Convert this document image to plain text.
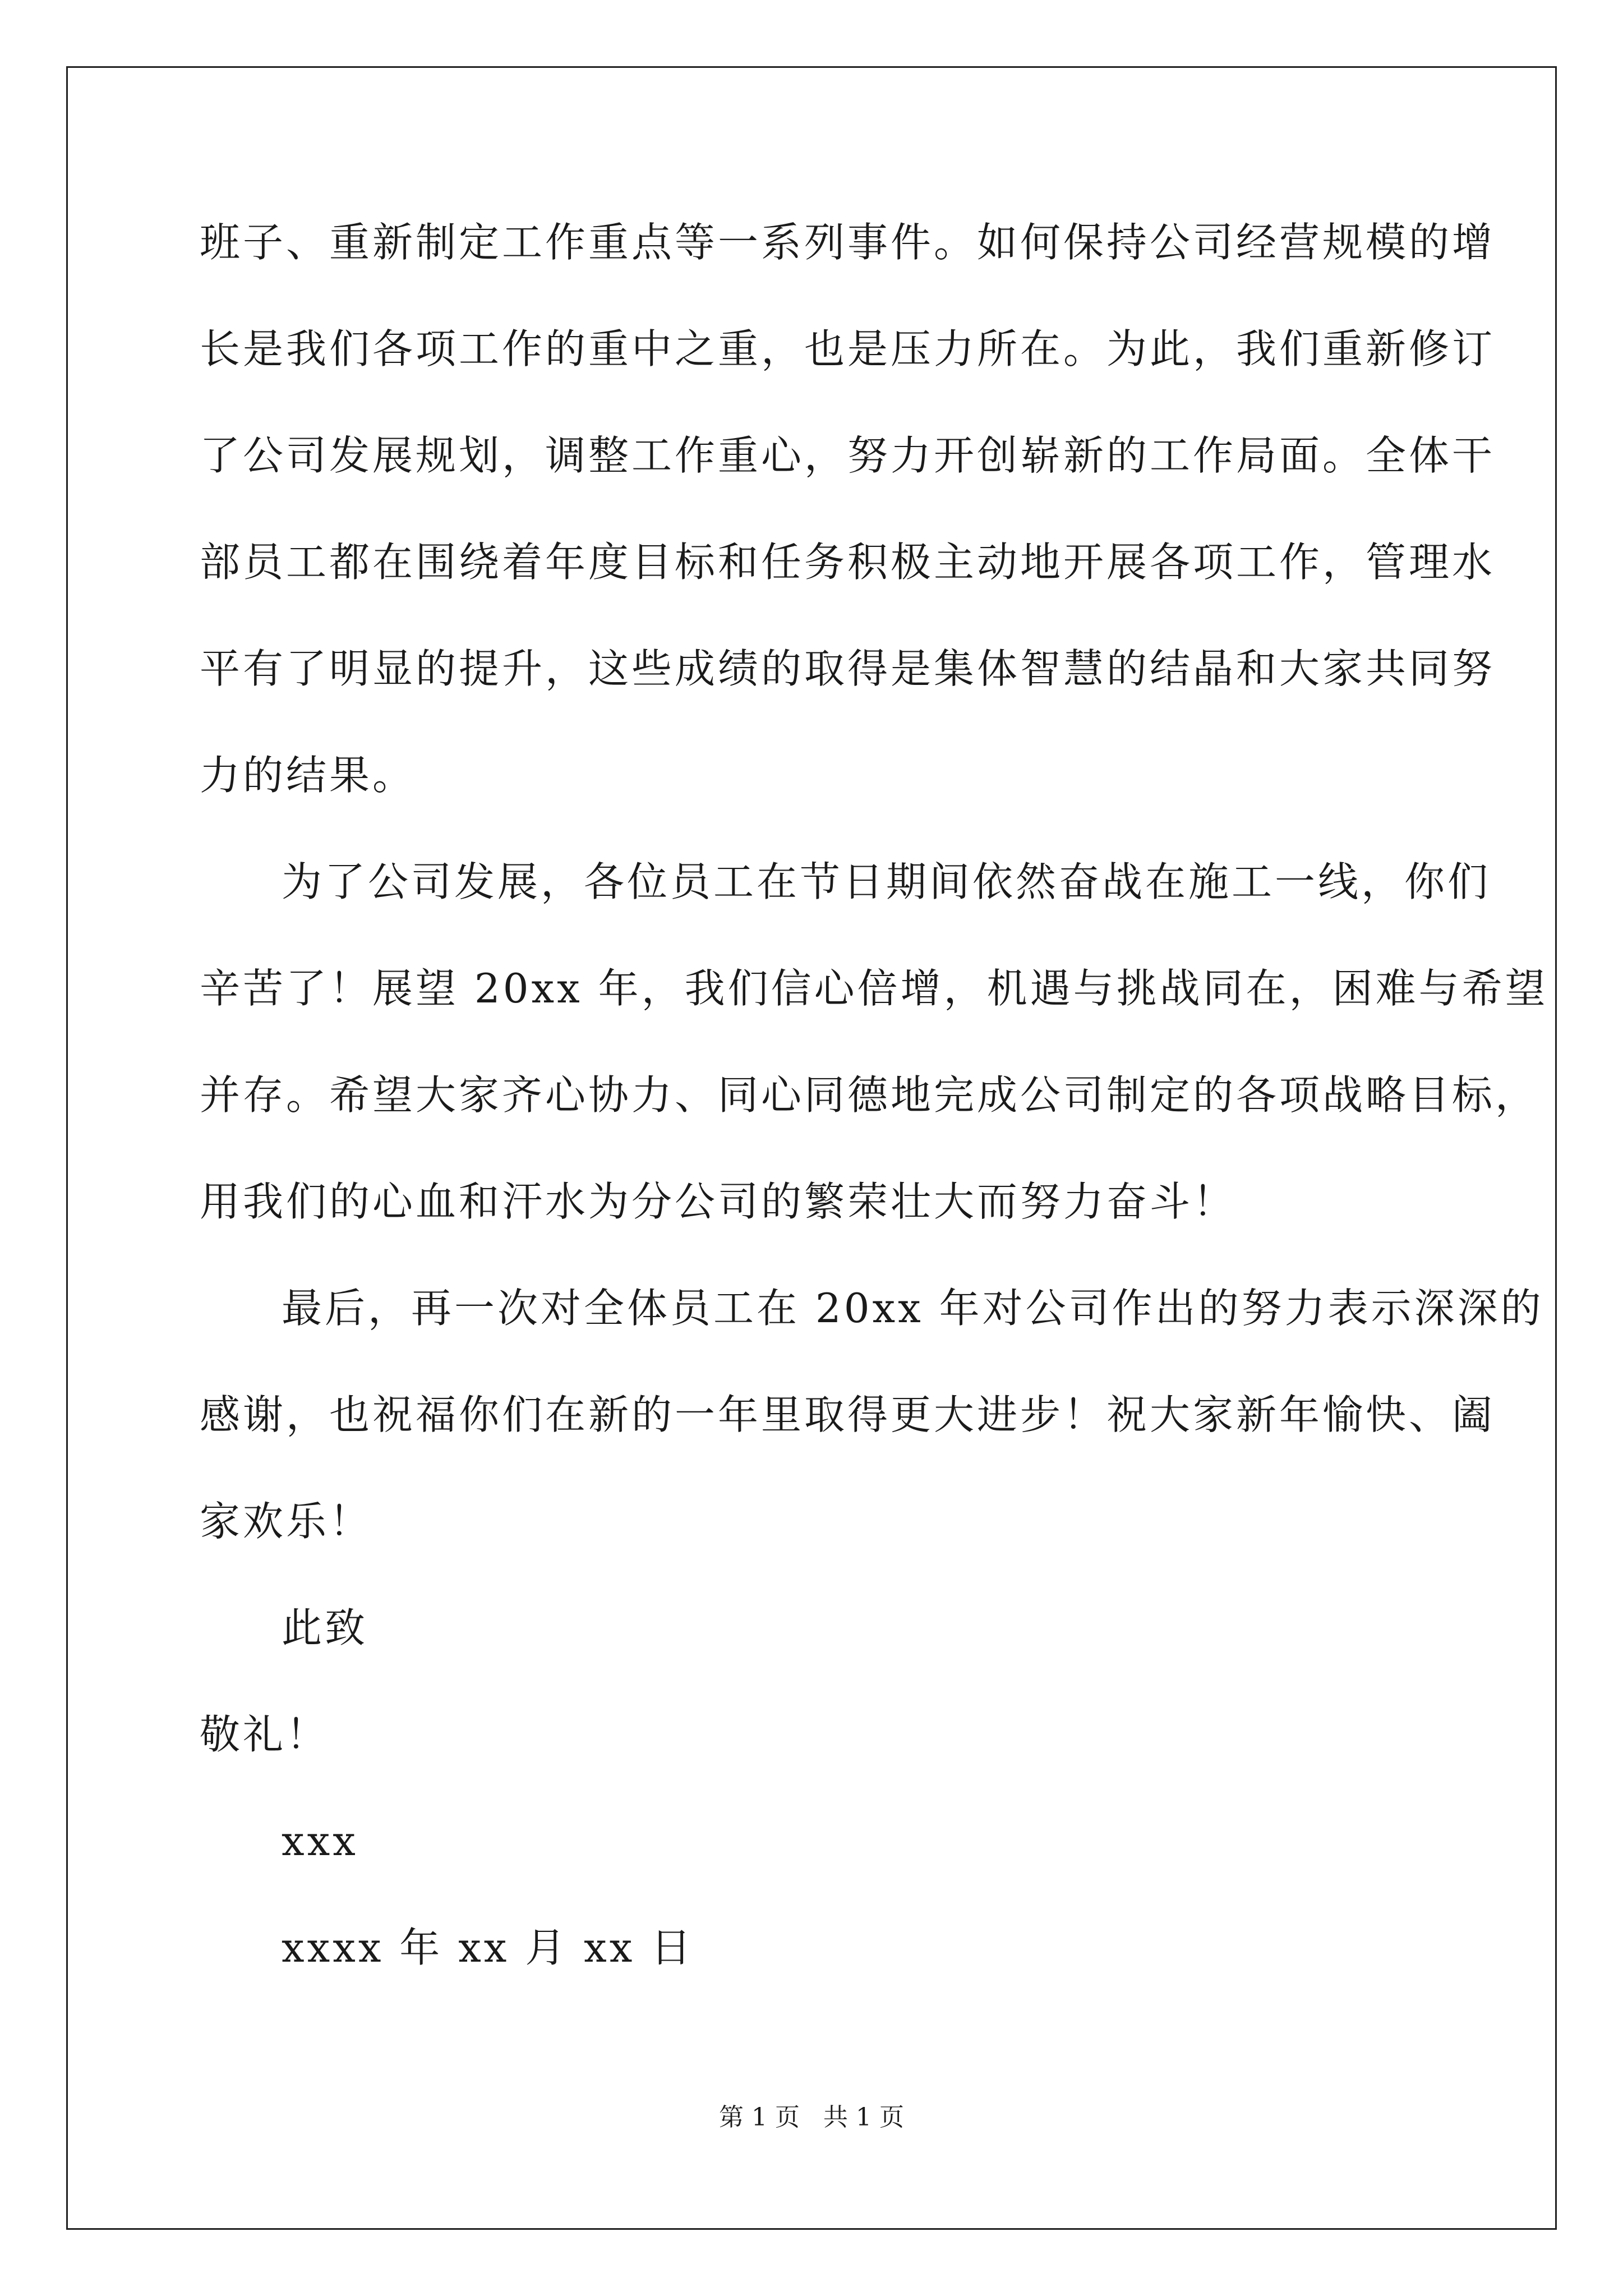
班子、重新制定工作重点等一系列事件。如何保持公司经营规模的增
长是我们各项工作的重中之重，也是压力所在。为此，我们重新修订
了公司发展规划，调整工作重心，努力开创崭新的工作局面。全体干
部员工都在围绕着年度目标和任务积极主动地开展各项工作，管理水
平有了明显的提升，这些成绩的取得是集体智慧的结晶和大家共同努
力的结果。
为了公司发展，各位员工在节日期间依然奋战在施工一线，你们
辛苦了！展望 20xx 年，我们信心倍增，机遇与挑战同在，困难与希望
并存。希望大家齐心协力、同心同德地完成公司制定的各项战略目标，
用我们的心血和汗水为分公司的繁荣壮大而努力奋斗！
最后，再一次对全体员工在 20xx 年对公司作出的努力表示深深的
感谢，也祝福你们在新的一年里取得更大进步！祝大家新年愉快、阖
家欢乐！
此致
敬礼！
xxx
xxxx 年 xx 月 xx 日
第 1 页   共 1 页
